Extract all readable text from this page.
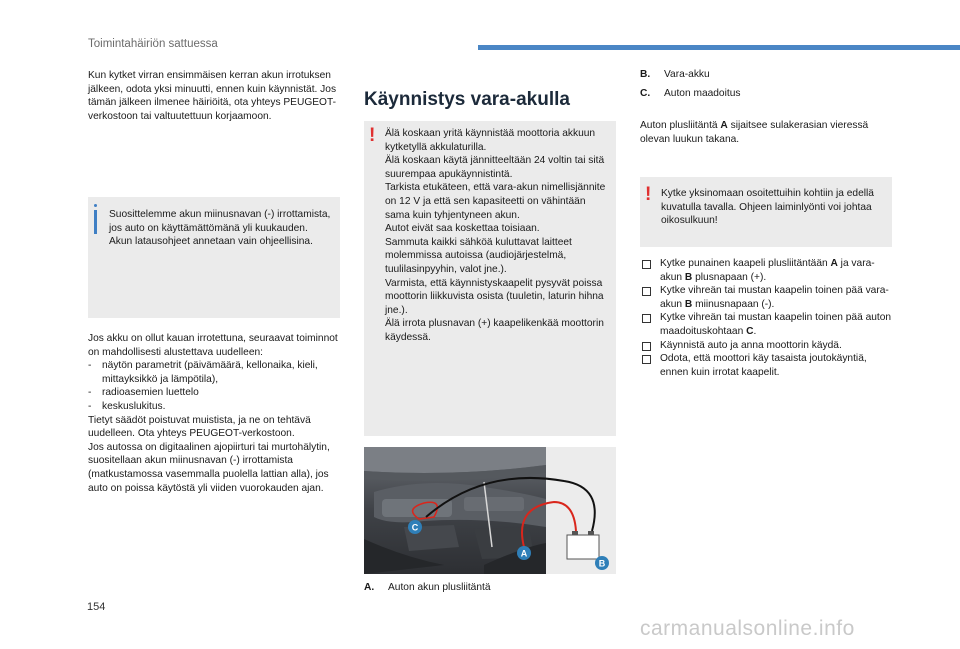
Toimintahäiriön sattuessa

Kun kytket virran ensimmäisen kerran akun irrotuksen jälkeen, odota yksi minuutti, ennen kuin käynnistät. Jos tämän jälkeen ilmenee häiriöitä, ota yhteys PEUGEOT-verkostoon tai valtuutettuun korjaamoon.

Suosittelemme akun miinusnavan (-) irrottamista, jos auto on käyttämättömänä yli kuukauden.
Akun latausohjeet annetaan vain ohjeellisina.

Jos akku on ollut kauan irrotettuna, seuraavat toiminnot on mahdollisesti alustettava uudelleen:
- näytön parametrit (päivämäärä, kellonaika, kieli, mittayksikkö ja lämpötila),
- radioasemien luettelo
- keskuslukitus.
Tietyt säädöt poistuvat muistista, ja ne on tehtävä uudelleen. Ota yhteys PEUGEOT-verkostoon.
Jos autossa on digitaalinen ajopiirturi tai murtohälytin, suositellaan akun miinusnavan (-) irrottamista (matkustamossa vasemmalla puolella lattian alla), jos auto on poissa käytöstä yli viiden vuorokauden ajan.
Käynnistys vara-akulla
! Älä koskaan yritä käynnistää moottoria akkuun kytketyllä akkulaturilla.
Älä koskaan käytä jännitteeltään 24 voltin tai sitä suurempaa apukäynnistintä.
Tarkista etukäteen, että vara-akun nimellisjännite on 12 V ja että sen kapasiteetti on vähintään sama kuin tyhjentyneen akun.
Autot eivät saa koskettaa toisiaan.
Sammuta kaikki sähköä kuluttavat laitteet molemmissa autoissa (audiojärjestelmä, tuulilasinpyyhin, valot jne.).
Varmista, että käynnistyskaapelit pysyvät poissa moottorin liikkuvista osista (tuuletin, laturin hihna jne.).
Älä irrota plusnavan (+) kaapelikenkää moottorin käydessä.
C
A
B
A. Auton akun plusliitäntä
B. Vara-akku
C. Auton maadoitus

Auton plusliitäntä A sijaitsee sulakerasian vieressä olevan luukun takana.

! Kytke yksinomaan osoitettuihin kohtiin ja edellä kuvatulla tavalla. Ohjeen laiminlyönti voi johtaa oikosulkuun!

Kytke punainen kaapeli plusliitäntään A ja vara-akun B plusnapaan (+).
Kytke vihreän tai mustan kaapelin toinen pää vara-akun B miinusnapaan (-).
Kytke vihreän tai mustan kaapelin toinen pää auton maadoituskohtaan C.
Käynnistä auto ja anna moottorin käydä.
Odota, että moottori käy tasaista joutokäyntiä, ennen kuin irrotat kaapelit.
154
carmanualsonline.info
